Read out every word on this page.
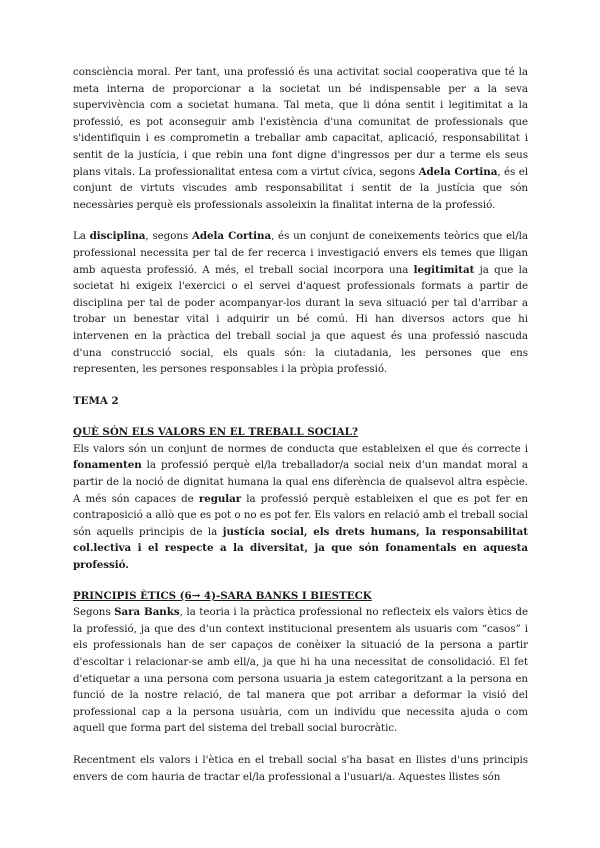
consciència moral. Per tant, una professió és una activitat social cooperativa que té la meta interna de proporcionar a la societat un bé indispensable per a la seva supervivència com a societat humana. Tal meta, que li dóna sentit i legitimitat a la professió, es pot aconseguir amb l'existència d'una comunitat de professionals que s'identifiquin i es comprometin a treballar amb capacitat, aplicació, responsabilitat i sentit de la justícia, i que rebin una font digne d'ingressos per dur a terme els seus plans vitals. La professionalitat entesa com a virtut cívica, segons Adela Cortina, és el conjunt de virtuts viscudes amb responsabilitat i sentit de la justícia que són necessàries perquè els professionals assoleixin la finalitat interna de la professió.

La disciplina, segons Adela Cortina, és un conjunt de coneixements teòrics que el/la professional necessita per tal de fer recerca i investigació envers els temes que lligan amb aquesta professió. A més, el treball social incorpora una legitimitat ja que la societat hi exigeix l'exercici o el servei d'aquest professionals formats a partir de disciplina per tal de poder acompanyar-los durant la seva situació per tal d'arribar a trobar un benestar vital i adquirir un bé comú. Hi han diversos actors que hi intervenen en la pràctica del treball social ja que aquest és una professió nascuda d'una construcció social, els quals són: la ciutadania, les persones que ens representen, les persones responsables i la pròpia professió.

TEMA 2
QUÈ SÓN ELS VALORS EN EL TREBALL SOCIAL?

Els valors són un conjunt de normes de conducta que estableixen el que és correcte i fonamenten la professió perquè el/la treballador/a social neix d'un mandat moral a partir de la noció de dignitat humana la qual ens diferència de qualsevol altra espècie. A més són capaces de regular la professió perquè estableixen el que es pot fer en contraposició a allò que es pot o no es pot fer. Els valors en relació amb el treball social són aquells principis de la justícia social, els drets humans, la responsabilitat col.lectiva i el respecte a la diversitat, ja que són fonamentals en aquesta professió.

PRINCIPIS ÈTICS (6→ 4)-SARA BANKS I BIESTECK

Segons Sara Banks, la teoria i la pràctica professional no reflecteix els valors ètics de la professió, ja que des d'un context institucional presentem als usuaris com “casos” i els professionals han de ser capaços de conèixer la situació de la persona a partir d'escoltar i relacionar-se amb ell/a, ja que hi ha una necessitat de consolidació. El fet d'etiquetar a una persona com persona usuaria ja estem categoritzant a la persona en funció de la nostre relació, de tal manera que pot arribar a deformar la visió del professional cap a la persona usuària, com un individu que necessita ajuda o com aquell que forma part del sistema del treball social burocràtic.

Recentment els valors i l'ètica en el treball social s'ha basat en llistes d'uns principis envers de com hauria de tractar el/la professional a l'usuari/a. Aquestes llistes són
